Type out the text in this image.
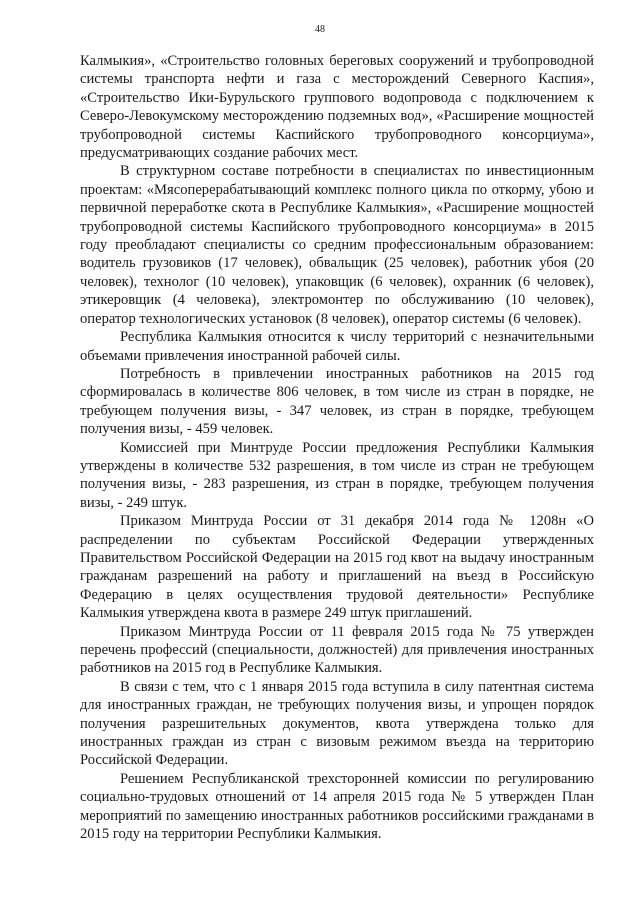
48

Калмыкия», «Строительство головных береговых сооружений и трубопроводной системы транспорта нефти и газа с месторождений Северного Каспия», «Строительство Ики-Бурульского группового водопровода с подключением к Северо-Левокумскому месторождению подземных вод», «Расширение мощностей трубопроводной системы Каспийского трубопроводного консорциума», предусматривающих создание рабочих мест.

В структурном составе потребности в специалистах по инвестиционным проектам: «Мясоперерабатывающий комплекс полного цикла по откорму, убою и первичной переработке скота в Республике Калмыкия», «Расширение мощностей трубопроводной системы Каспийского трубопроводного консорциума» в 2015 году преобладают специалисты со средним профессиональным образованием: водитель грузовиков (17 человек), обвальщик (25 человек), работник убоя (20 человек), технолог (10 человек), упаковщик (6 человек), охранник (6 человек), этикеровщик (4 человека), электромонтер по обслуживанию (10 человек), оператор технологических установок (8 человек), оператор системы (6 человек).

Республика Калмыкия относится к числу территорий с незначительными объемами привлечения иностранной рабочей силы.

Потребность в привлечении иностранных работников на 2015 год сформировалась в количестве 806 человек, в том числе из стран в порядке, не требующем получения визы, - 347 человек, из стран в порядке, требующем получения визы, - 459 человек.

Комиссией при Минтруде России предложения Республики Калмыкия утверждены в количестве 532 разрешения, в том числе из стран не требующем получения визы, - 283 разрешения, из стран в порядке, требующем получения визы, - 249 штук.

Приказом Минтруда России от 31 декабря 2014 года № 1208н «О распределении по субъектам Российской Федерации утвержденных Правительством Российской Федерации на 2015 год квот на выдачу иностранным гражданам разрешений на работу и приглашений на въезд в Российскую Федерацию в целях осуществления трудовой деятельности» Республике Калмыкия утверждена квота в размере 249 штук приглашений.

Приказом Минтруда России от 11 февраля 2015 года № 75 утвержден перечень профессий (специальности, должностей) для привлечения иностранных работников на 2015 год в Республике Калмыкия.

В связи с тем, что с 1 января 2015 года вступила в силу патентная система для иностранных граждан, не требующих получения визы, и упрощен порядок получения разрешительных документов, квота утверждена только для иностранных граждан из стран с визовым режимом въезда на территорию Российской Федерации.

Решением Республиканской трехсторонней комиссии по регулированию социально-трудовых отношений от 14 апреля 2015 года № 5 утвержден План мероприятий по замещению иностранных работников российскими гражданами в 2015 году на территории Республики Калмыкия.
